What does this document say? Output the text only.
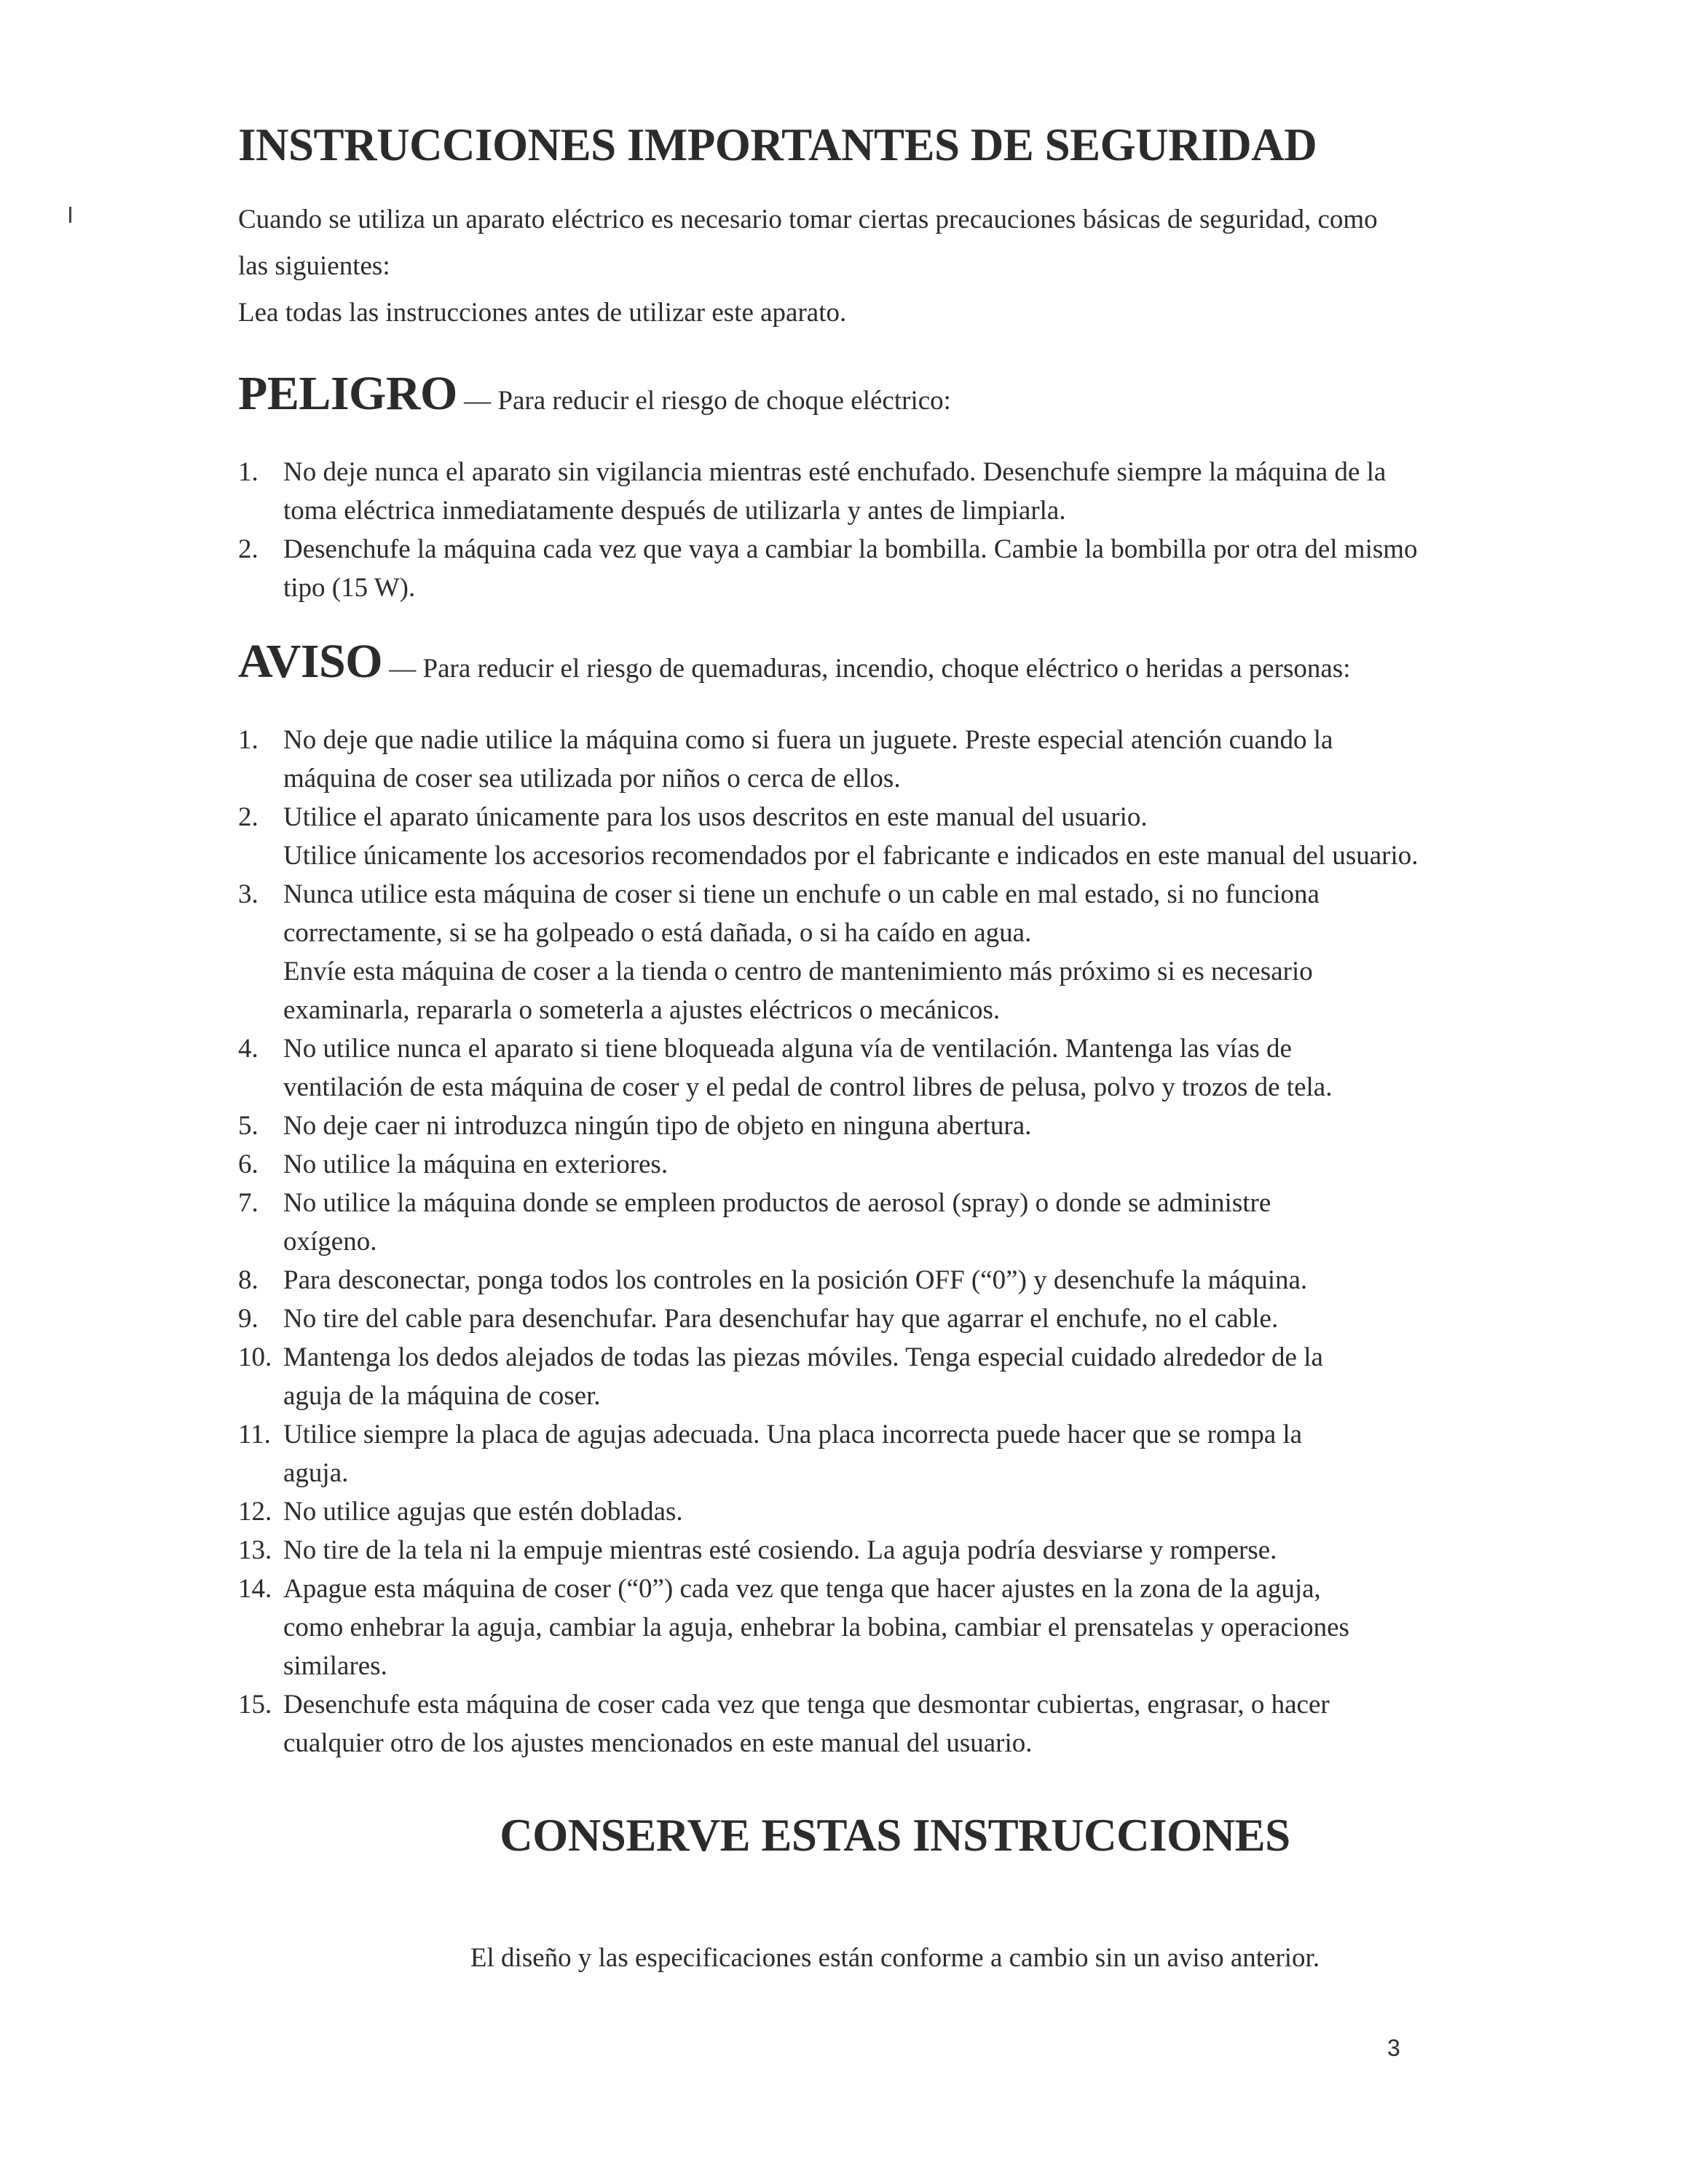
INSTRUCCIONES IMPORTANTES DE SEGURIDAD

Cuando se utiliza un aparato eléctrico es necesario tomar ciertas precauciones básicas de seguridad, como

las siguientes:

Lea todas las instrucciones antes de utilizar este aparato.

PELIGRO — Para reducir el riesgo de choque eléctrico:
1. No deje nunca el aparato sin vigilancia mientras esté enchufado. Desenchufe siempre la máquina de la
toma eléctrica inmediatamente después de utilizarla y antes de limpiarla.
2. Desenchufe la máquina cada vez que vaya a cambiar la bombilla. Cambie la bombilla por otra del mismo
tipo (15 W).
AVISO — Para reducir el riesgo de quemaduras, incendio, choque eléctrico o heridas a personas:
1. No deje que nadie utilice la máquina como si fuera un juguete. Preste especial atención cuando la
máquina de coser sea utilizada por niños o cerca de ellos.
2. Utilice el aparato únicamente para los usos descritos en este manual del usuario.
Utilice únicamente los accesorios recomendados por el fabricante e indicados en este manual del usuario.
3. Nunca utilice esta máquina de coser si tiene un enchufe o un cable en mal estado, si no funciona
correctamente, si se ha golpeado o está dañada, o si ha caído en agua.
Envíe esta máquina de coser a la tienda o centro de mantenimiento más próximo si es necesario
examinarla, repararla o someterla a ajustes eléctricos o mecánicos.
4. No utilice nunca el aparato si tiene bloqueada alguna vía de ventilación. Mantenga las vías de
ventilación de esta máquina de coser y el pedal de control libres de pelusa, polvo y trozos de tela.
5. No deje caer ni introduzca ningún tipo de objeto en ninguna abertura.
6. No utilice la máquina en exteriores.
7. No utilice la máquina donde se empleen productos de aerosol (spray) o donde se administre
oxígeno.
8. Para desconectar, ponga todos los controles en la posición OFF (“0”) y desenchufe la máquina.
9. No tire del cable para desenchufar. Para desenchufar hay que agarrar el enchufe, no el cable.
10. Mantenga los dedos alejados de todas las piezas móviles. Tenga especial cuidado alrededor de la
aguja de la máquina de coser.
11. Utilice siempre la placa de agujas adecuada. Una placa incorrecta puede hacer que se rompa la
aguja.
12. No utilice agujas que estén dobladas.
13. No tire de la tela ni la empuje mientras esté cosiendo. La aguja podría desviarse y romperse.
14. Apague esta máquina de coser (“0”) cada vez que tenga que hacer ajustes en la zona de la aguja,
como enhebrar la aguja, cambiar la aguja, enhebrar la bobina, cambiar el prensatelas y operaciones
similares.
15. Desenchufe esta máquina de coser cada vez que tenga que desmontar cubiertas, engrasar, o hacer
cualquier otro de los ajustes mencionados en este manual del usuario.
CONSERVE ESTAS INSTRUCCIONES
El diseño y las especificaciones están conforme a cambio sin un aviso anterior.
3
